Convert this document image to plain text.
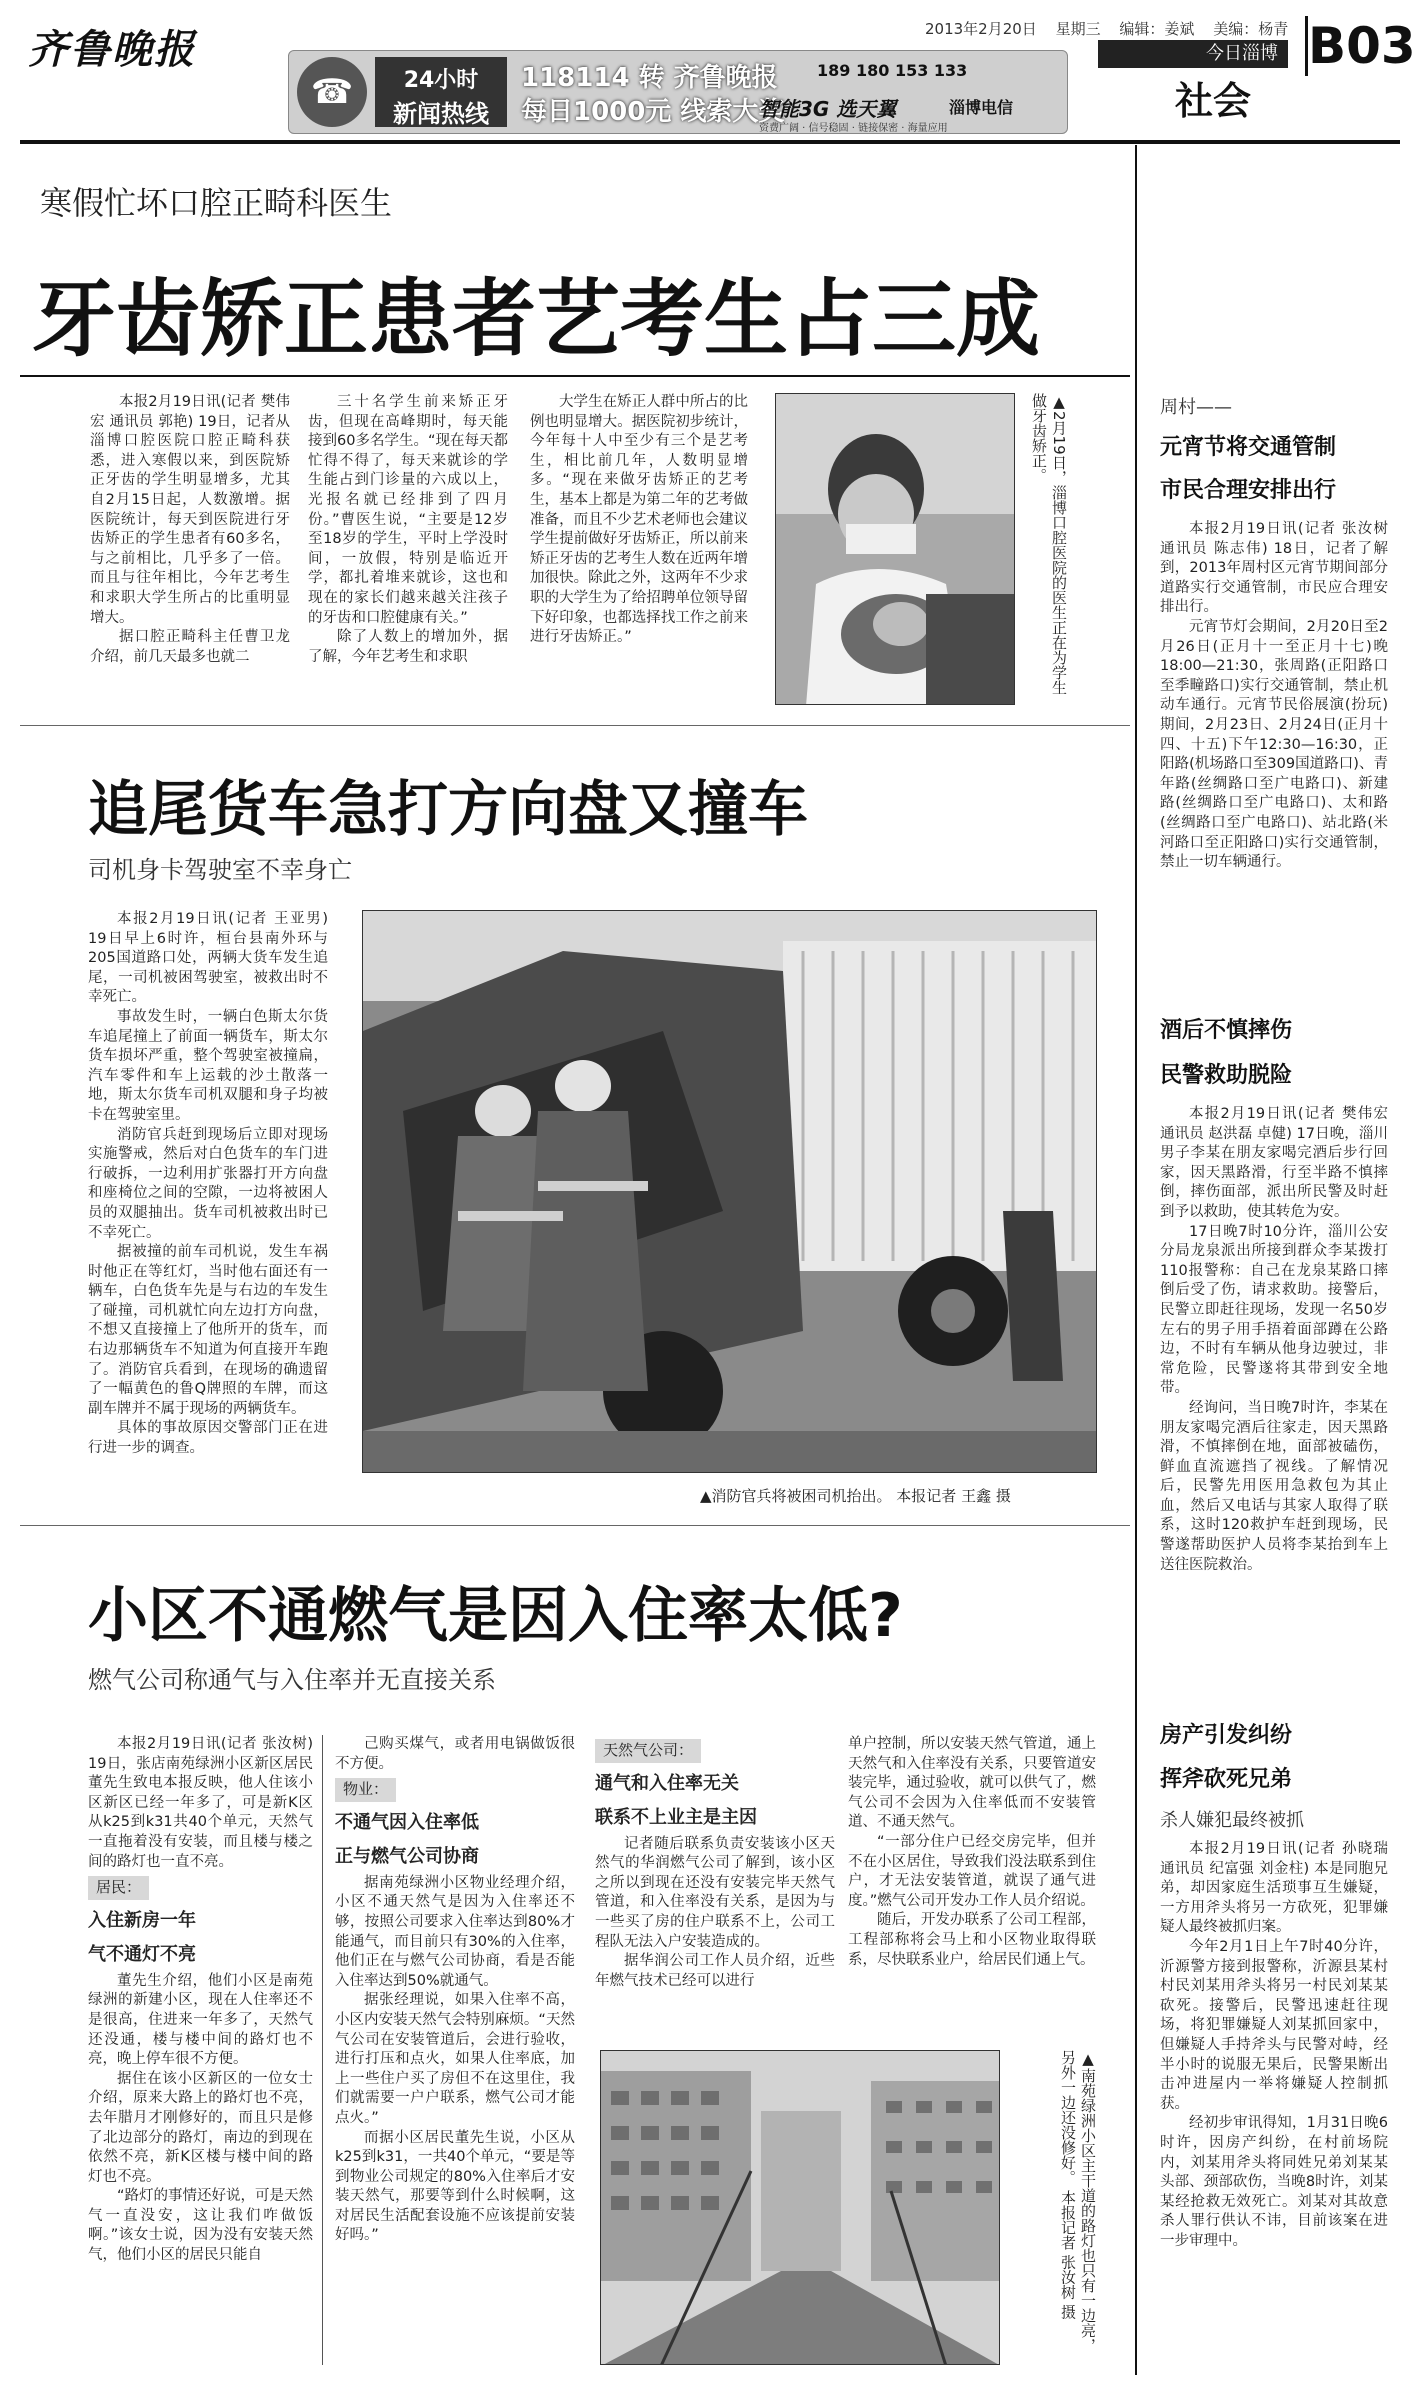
齐鲁晚报
☎	24小时
新闻热线
118114 转 齐鲁晚报
每日1000元 线索大奖
189 180 153 133
智能3G 选天翼	淄博电信
资费广阔 · 信号稳固 · 链接保密 · 海量应用
2013年2月20日 星期三 编辑：姜斌 美编：杨青
今日淄博
社会
B03
寒假忙坏口腔正畸科医生
牙齿矫正患者艺考生占三成

本报2月19日讯(记者 樊伟宏 通讯员 郭艳) 19日，记者从淄博口腔医院口腔正畸科获悉，进入寒假以来，到医院矫正牙齿的学生明显增多，尤其自2月15日起，人数激增。据医院统计，每天到医院进行牙齿矫正的学生患者有60多名，与之前相比，几乎多了一倍。而且与往年相比，今年艺考生和求职大学生所占的比重明显增大。

据口腔正畸科主任曹卫龙介绍，前几天最多也就二

三十名学生前来矫正牙齿，但现在高峰期时，每天能接到60多名学生。“现在每天都忙得不得了，每天来就诊的学生能占到门诊量的六成以上，光报名就已经排到了四月份。”曹医生说，“主要是12岁至18岁的学生，平时上学没时间，一放假，特别是临近开学，都扎着堆来就诊，这也和现在的家长们越来越关注孩子的牙齿和口腔健康有关。”

除了人数上的增加外，据了解，今年艺考生和求职

大学生在矫正人群中所占的比例也明显增大。据医院初步统计，今年每十人中至少有三个是艺考生，相比前几年，人数明显增多。“现在来做牙齿矫正的艺考生，基本上都是为第二年的艺考做准备，而且不少艺术老师也会建议学生提前做好牙齿矫正，所以前来矫正牙齿的艺考生人数在近两年增加很快。除此之外，这两年不少求职的大学生为了给招聘单位领导留下好印象，也都选择找工作之前来进行牙齿矫正。”	▲2月19日，淄博口腔医院的医生正在为学生做牙齿矫正。
追尾货车急打方向盘又撞车
司机身卡驾驶室不幸身亡

本报2月19日讯(记者 王亚男) 19日早上6时许，桓台县南外环与205国道路口处，两辆大货车发生追尾，一司机被困驾驶室，被救出时不幸死亡。

事故发生时，一辆白色斯太尔货车追尾撞上了前面一辆货车，斯太尔货车损坏严重，整个驾驶室被撞扁，汽车零件和车上运载的沙土散落一地，斯太尔货车司机双腿和身子均被卡在驾驶室里。

消防官兵赶到现场后立即对现场实施警戒，然后对白色货车的车门进行破拆，一边利用扩张器打开方向盘和座椅位之间的空隙，一边将被困人员的双腿抽出。货车司机被救出时已不幸死亡。

据被撞的前车司机说，发生车祸时他正在等红灯，当时他右面还有一辆车，白色货车先是与右边的车发生了碰撞，司机就忙向左边打方向盘，不想又直接撞上了他所开的货车，而右边那辆货车不知道为何直接开车跑了。消防官兵看到，在现场的确遗留了一幅黄色的鲁Q牌照的车牌，而这副车牌并不属于现场的两辆货车。

具体的事故原因交警部门正在进行进一步的调查。

▲消防官兵将被困司机抬出。 本报记者 王鑫 摄
小区不通燃气是因入住率太低?
燃气公司称通气与入住率并无直接关系

本报2月19日讯(记者 张汝树) 19日，张店南苑绿洲小区新区居民董先生致电本报反映，他人住该小区新区已经一年多了，可是新K区从k25到k31共40个单元，天然气一直拖着没有安装，而且楼与楼之间的路灯也一直不亮。

居民：
入住新房一年
气不通灯不亮

董先生介绍，他们小区是南苑绿洲的新建小区，现在人住率还不是很高，住进来一年多了，天然气还没通，楼与楼中间的路灯也不亮，晚上停车很不方便。

据住在该小区新区的一位女士介绍，原来大路上的路灯也不亮，去年腊月才刚修好的，而且只是修了北边部分的路灯，南边的到现在依然不亮，新K区楼与楼中间的路灯也不亮。

“路灯的事情还好说，可是天然气一直没安，这让我们咋做饭啊。”该女士说，因为没有安装天然气，他们小区的居民只能自

己购买煤气，或者用电锅做饭很不方便。

物业：
不通气因入住率低
正与燃气公司协商

据南苑绿洲小区物业经理介绍，小区不通天然气是因为入住率还不够，按照公司要求入住率达到80%才能通气，而目前只有30%的入住率，他们正在与燃气公司协商，看是否能入住率达到50%就通气。

据张经理说，如果入住率不高，小区内安装天然气会特别麻烦。“天然气公司在安装管道后，会进行验收，进行打压和点火，如果人住率底，加上一些住户买了房但不在这里住，我们就需要一户户联系，燃气公司才能点火。”

而据小区居民董先生说，小区从k25到k31，一共40个单元，“要是等到物业公司规定的80%入住率后才安装天然气，那要等到什么时候啊，这对居民生活配套设施不应该提前安装好吗。”

天然气公司：
通气和入住率无关
联系不上业主是主因

记者随后联系负责安装该小区天然气的华润燃气公司了解到，该小区之所以到现在还没有安装完毕天然气管道，和入住率没有关系，是因为与一些买了房的住户联系不上，公司工程队无法入户安装造成的。

据华润公司工作人员介绍，近些年燃气技术已经可以进行

单户控制，所以安装天然气管道，通上天然气和入住率没有关系，只要管道安装完毕，通过验收，就可以供气了，燃气公司不会因为入住率低而不安装管道、不通天然气。

“一部分住户已经交房完毕，但并不在小区居住，导致我们没法联系到住户，才无法安装管道，就误了通气进度。”燃气公司开发办工作人员介绍说。

随后，开发办联系了公司工程部，工程部称将会马上和小区物业取得联系，尽快联系业户，给居民们通上气。

▲南苑绿洲小区主干道的路灯也只有一边亮，另外一边还没修好。 本报记者 张汝树 摄
周村——
元宵节将交通管制
市民合理安排出行

本报2月19日讯(记者 张汝树 通讯员 陈志伟) 18日，记者了解到，2013年周村区元宵节期间部分道路实行交通管制，市民应合理安排出行。

元宵节灯会期间，2月20日至2月26日(正月十一至正月十七)晚18:00—21:30，张周路(正阳路口至季疃路口)实行交通管制，禁止机动车通行。元宵节民俗展演(扮玩)期间，2月23日、2月24日(正月十四、十五)下午12:30—16:30，正阳路(机场路口至309国道路口)、青年路(丝绸路口至广电路口)、新建路(丝绸路口至广电路口)、太和路(丝绸路口至广电路口)、站北路(米河路口至正阳路口)实行交通管制，禁止一切车辆通行。

酒后不慎摔伤
民警救助脱险

本报2月19日讯(记者 樊伟宏 通讯员 赵洪磊 卓健) 17日晚，淄川男子李某在朋友家喝完酒后步行回家，因天黑路滑，行至半路不慎摔倒，摔伤面部，派出所民警及时赶到予以救助，使其转危为安。

17日晚7时10分许，淄川公安分局龙泉派出所接到群众李某拨打110报警称：自己在龙泉某路口摔倒后受了伤，请求救助。接警后，民警立即赶往现场，发现一名50岁左右的男子用手捂着面部蹲在公路边，不时有车辆从他身边驶过，非常危险，民警遂将其带到安全地带。

经询问，当日晚7时许，李某在朋友家喝完酒后往家走，因天黑路滑，不慎摔倒在地，面部被磕伤，鲜血直流遮挡了视线。了解情况后，民警先用医用急救包为其止血，然后又电话与其家人取得了联系，这时120救护车赶到现场，民警遂帮助医护人员将李某抬到车上送往医院救治。

房产引发纠纷
挥斧砍死兄弟
杀人嫌犯最终被抓

本报2月19日讯(记者 孙晓瑞 通讯员 纪富强 刘金柱) 本是同胞兄弟，却因家庭生活琐事互生嫌疑，一方用斧头将另一方砍死，犯罪嫌疑人最终被抓归案。

今年2月1日上午7时40分许，沂源警方接到报警称，沂源县某村村民刘某用斧头将另一村民刘某某砍死。接警后，民警迅速赶往现场，将犯罪嫌疑人刘某抓回家中，但嫌疑人手持斧头与民警对峙，经半小时的说服无果后，民警果断出击冲进屋内一举将嫌疑人控制抓获。

经初步审讯得知，1月31日晚6时许，因房产纠纷，在村前场院内，刘某用斧头将同姓兄弟刘某某头部、颈部砍伤，当晚8时许，刘某某经抢救无效死亡。刘某对其故意杀人罪行供认不讳，目前该案在进一步审理中。
